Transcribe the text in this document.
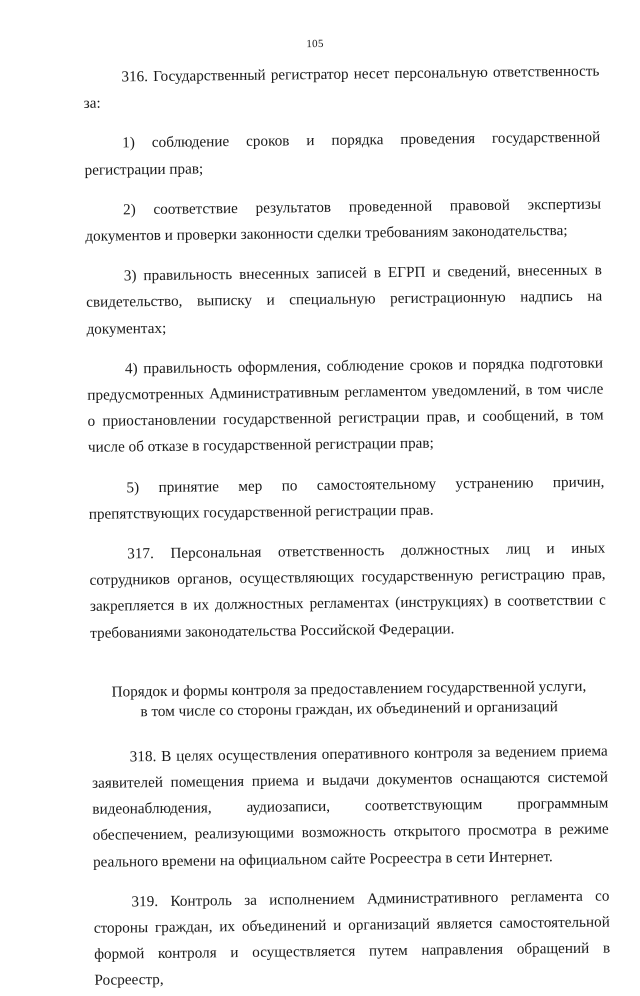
105

316. Государственный регистратор несет персональную ответственность за:

1) соблюдение сроков и порядка проведения государственной регистрации прав;

2) соответствие результатов проведенной правовой экспертизы документов и проверки законности сделки требованиям законодательства;

3) правильность внесенных записей в ЕГРП и сведений, внесенных в свидетельство, выписку и специальную регистрационную надпись на документах;

4) правильность оформления, соблюдение сроков и порядка подготовки предусмотренных Административным регламентом уведомлений, в том числе о приостановлении государственной регистрации прав, и сообщений, в том числе об отказе в государственной регистрации прав;

5) принятие мер по самостоятельному устранению причин, препятствующих государственной регистрации прав.

317. Персональная ответственность должностных лиц и иных сотрудников органов, осуществляющих государственную регистрацию прав, закрепляется в их должностных регламентах (инструкциях) в соответствии с требованиями законодательства Российской Федерации.

Порядок и формы контроля за предоставлением государственной услуги,
в том числе со стороны граждан, их объединений и организаций

318. В целях осуществления оперативного контроля за ведением приема заявителей помещения приема и выдачи документов оснащаются системой видеонаблюдения, аудиозаписи, соответствующим программным обеспечением, реализующими возможность открытого просмотра в режиме реального времени на официальном сайте Росреестра в сети Интернет.

319. Контроль за исполнением Административного регламента со стороны граждан, их объединений и организаций является самостоятельной формой контроля и осуществляется путем направления обращений в Росреестр,
